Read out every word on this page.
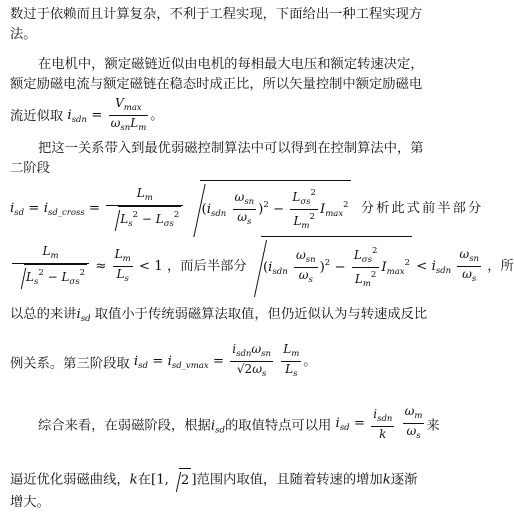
数过于依赖而且计算复杂，不利于工程实现，下面给出一种工程实现方
法。
在电机中，额定磁链近似由电机的每相最大电压和额定转速决定，
额定励磁电流与额定磁链在稳态时成正比，所以矢量控制中额定励磁电
流近似取 $i_{sdn} = \frac{V_{max}}{\omega_{sn}L_m}$ 。
把这一关系带入到最优弱磁控制算法中可以得到在控制算法中，第
二阶段
$i_{sd} = i_{sd\_cross} = \frac{L_m}{L_s^2 - L_{\sigma s}^2} (i_{sdn} \frac{\omega_{sn}}{\omega_s} )^2 - \frac{L_{\sigma s}^2}{L_m^2} I_{max}^2$ 分析此式前半部分
$\frac{L_m}{L_s^2 - L_{\sigma s}^2} \approx \frac{L_m}{L_s} < 1$ ，而后半部分 $(i_{sdn} \frac{\omega_{sn}}{\omega_s} )^2 - \frac{L_{\sigma s}^2}{L_m^2} I_{max}^2 < i_{sdn} \frac{\omega_{sn}}{\omega_s}$ ，所
以总的来讲$i_{sd}$ 取值小于传统弱磁算法取值，但仍近似认为与转速成反比
例关系。第三阶段取 $i_{sd} = i_{sd\_vmax} = \frac{i_{sdn}\omega_{sn}}{√2\omega_s}$
$\frac{L_m}{L_s}$ 。
综合来看，在弱磁阶段，根据$i_{sd}$的取值特点可以用 $i_{sd} = \frac{i_{sdn}}{k}$
$\frac{\omega_m}{\omega_s}$ 来
逼近优化弱磁曲线，k在[1, 2 ]范围内取值，且随着转速的增加k逐渐
增大。
